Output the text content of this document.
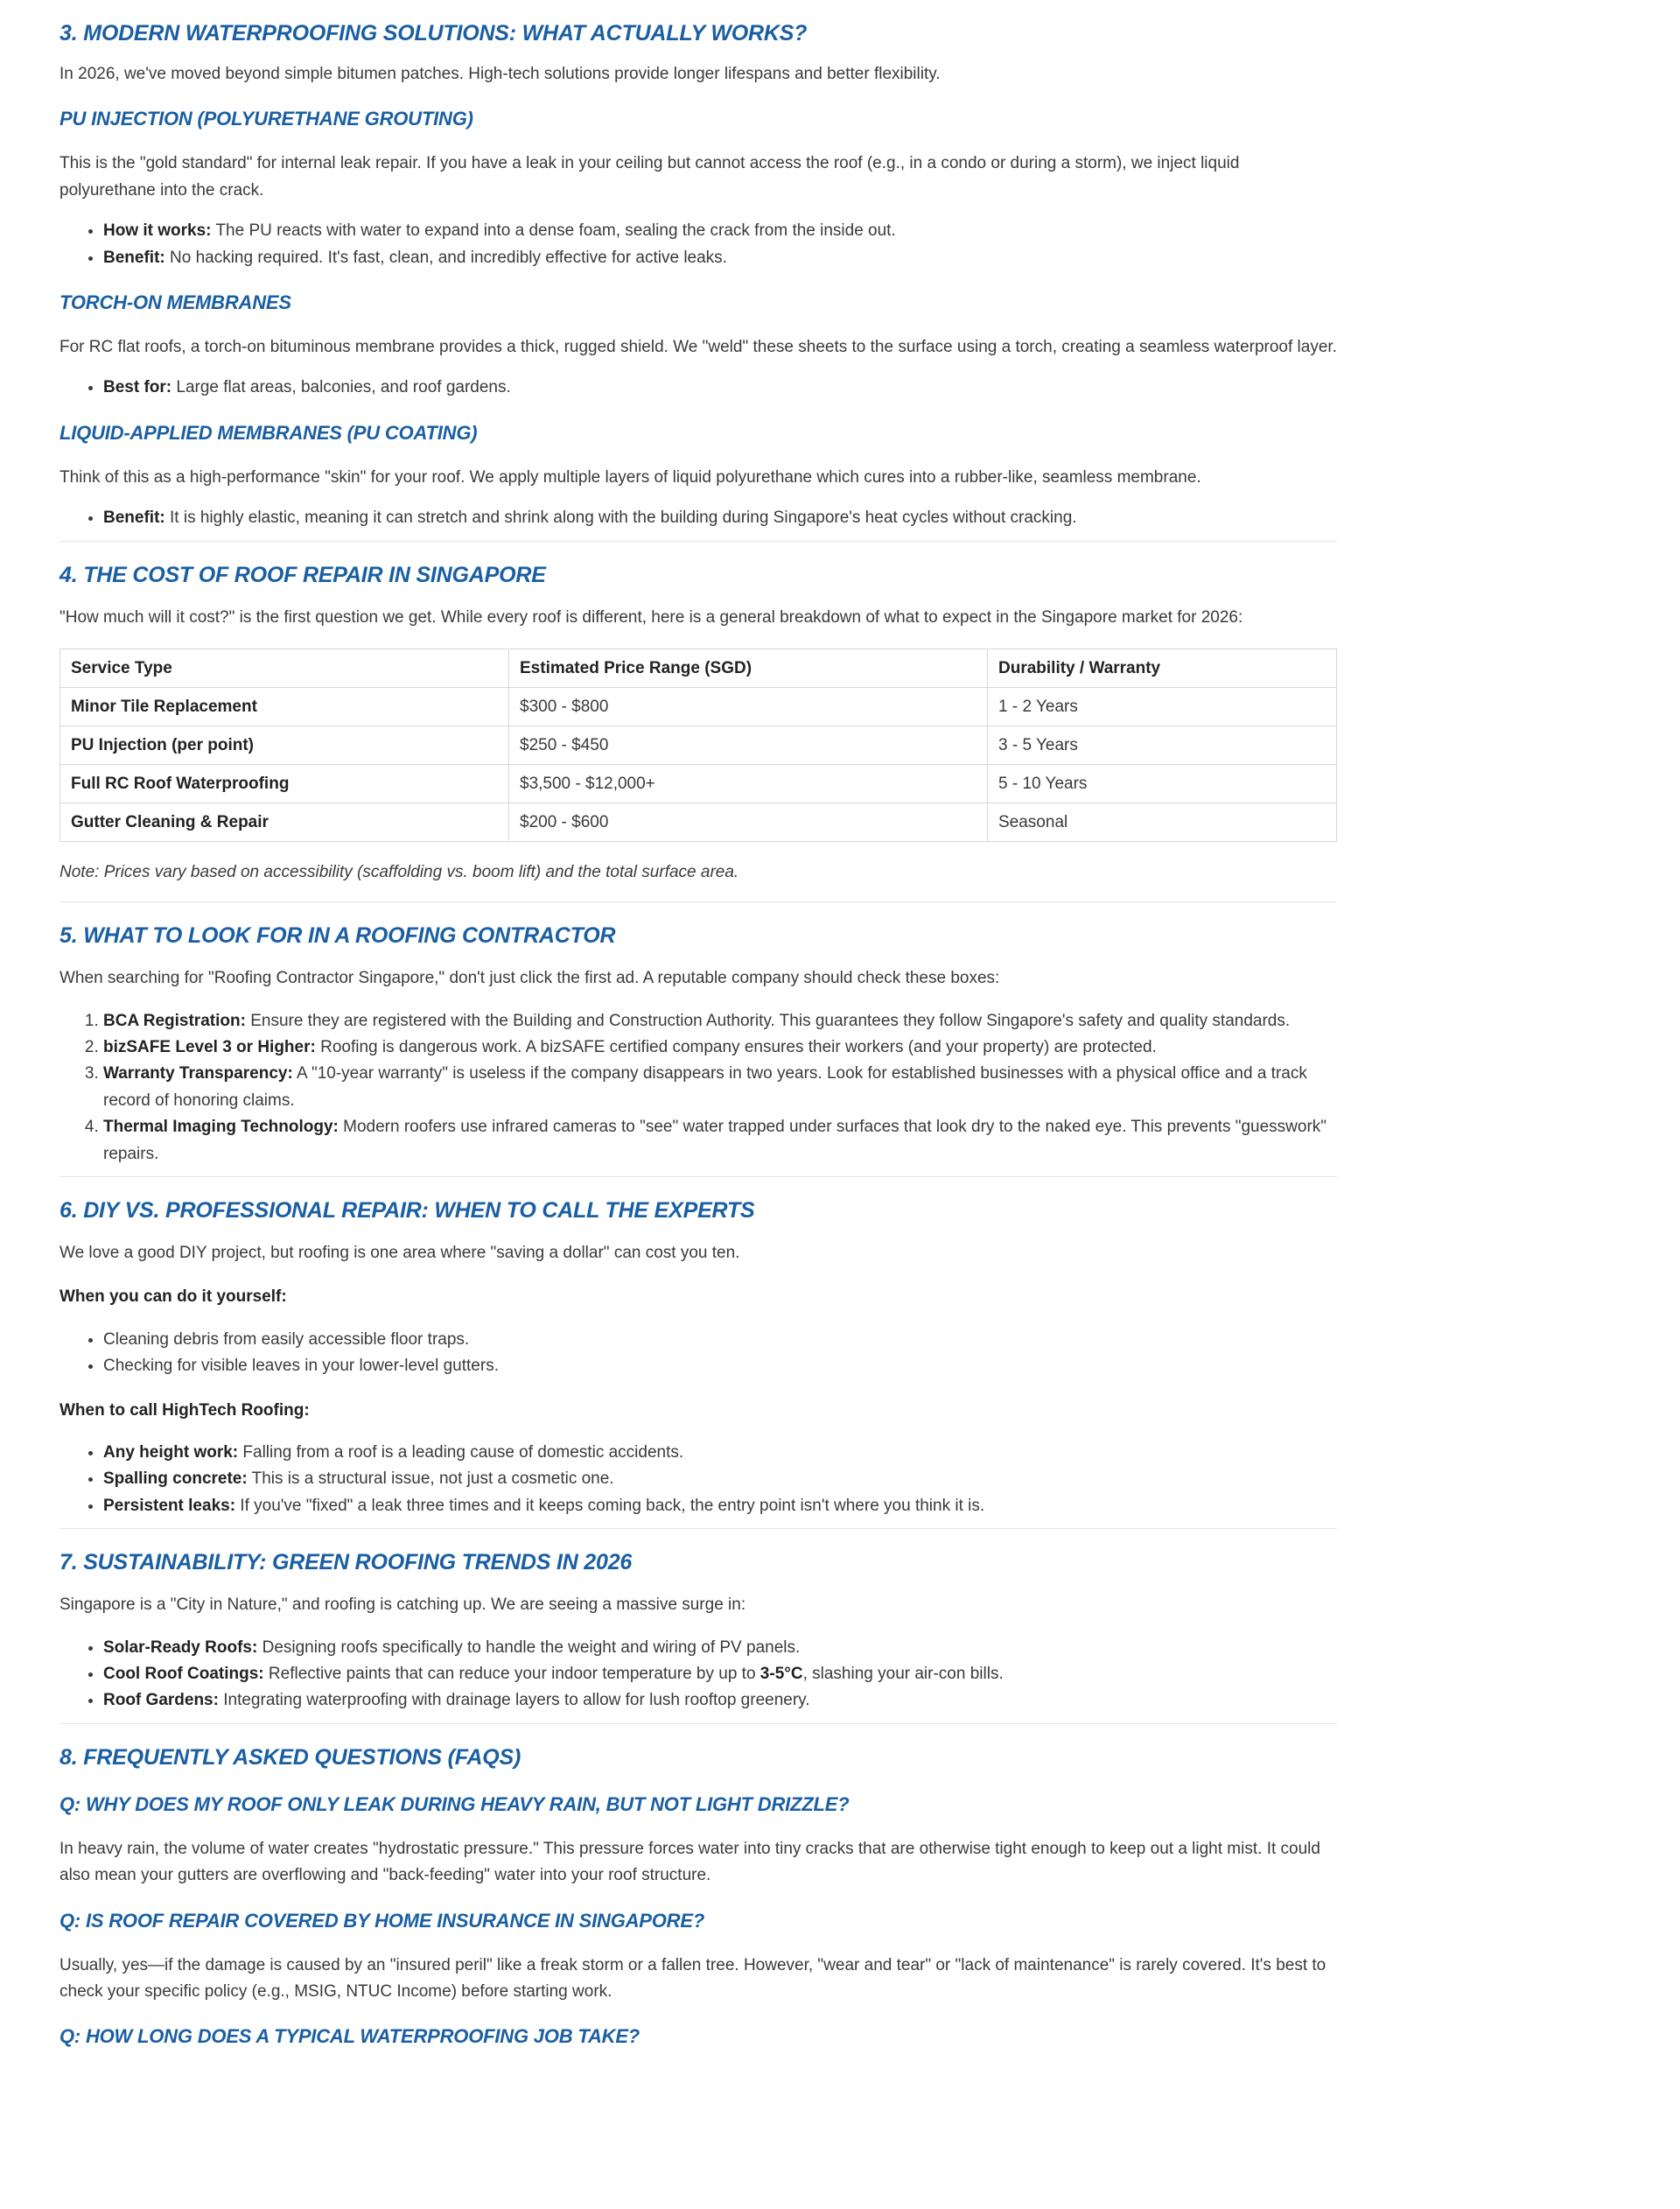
3. MODERN WATERPROOFING SOLUTIONS: WHAT ACTUALLY WORKS?

In 2026, we've moved beyond simple bitumen patches. High-tech solutions provide longer lifespans and better flexibility.

PU INJECTION (POLYURETHANE GROUTING)

This is the "gold standard" for internal leak repair. If you have a leak in your ceiling but cannot access the roof (e.g., in a condo or during a storm), we inject liquid polyurethane into the crack.

• How it works: The PU reacts with water to expand into a dense foam, sealing the crack from the inside out.
• Benefit: No hacking required. It's fast, clean, and incredibly effective for active leaks.
TORCH-ON MEMBRANES

For RC flat roofs, a torch-on bituminous membrane provides a thick, rugged shield. We "weld" these sheets to the surface using a torch, creating a seamless waterproof layer.

• Best for: Large flat areas, balconies, and roof gardens.
LIQUID-APPLIED MEMBRANES (PU COATING)

Think of this as a high-performance "skin" for your roof. We apply multiple layers of liquid polyurethane which cures into a rubber-like, seamless membrane.

• Benefit: It is highly elastic, meaning it can stretch and shrink along with the building during Singapore's heat cycles without cracking.
4. THE COST OF ROOF REPAIR IN SINGAPORE

"How much will it cost?" is the first question we get. While every roof is different, here is a general breakdown of what to expect in the Singapore market for 2026:

Service Type	Estimated Price Range (SGD)	Durability / Warranty
Minor Tile Replacement	$300 - $800	1 - 2 Years
PU Injection (per point)	$250 - $450	3 - 5 Years
Full RC Roof Waterproofing	$3,500 - $12,000+	5 - 10 Years
Gutter Cleaning & Repair	$200 - $600	Seasonal

Note: Prices vary based on accessibility (scaffolding vs. boom lift) and the total surface area.

5. WHAT TO LOOK FOR IN A ROOFING CONTRACTOR

When searching for "Roofing Contractor Singapore," don't just click the first ad. A reputable company should check these boxes:

1. BCA Registration: Ensure they are registered with the Building and Construction Authority. This guarantees they follow Singapore's safety and quality standards.
2. bizSAFE Level 3 or Higher: Roofing is dangerous work. A bizSAFE certified company ensures their workers (and your property) are protected.
3. Warranty Transparency: A "10-year warranty" is useless if the company disappears in two years. Look for established businesses with a physical office and a track record of honoring claims.
4. Thermal Imaging Technology: Modern roofers use infrared cameras to "see" water trapped under surfaces that look dry to the naked eye. This prevents "guesswork" repairs.
6. DIY VS. PROFESSIONAL REPAIR: WHEN TO CALL THE EXPERTS

We love a good DIY project, but roofing is one area where "saving a dollar" can cost you ten.

When you can do it yourself:

• Cleaning debris from easily accessible floor traps.
• Checking for visible leaves in your lower-level gutters.

When to call HighTech Roofing:

• Any height work: Falling from a roof is a leading cause of domestic accidents.
• Spalling concrete: This is a structural issue, not just a cosmetic one.
• Persistent leaks: If you've "fixed" a leak three times and it keeps coming back, the entry point isn't where you think it is.
7. SUSTAINABILITY: GREEN ROOFING TRENDS IN 2026

Singapore is a "City in Nature," and roofing is catching up. We are seeing a massive surge in:

• Solar-Ready Roofs: Designing roofs specifically to handle the weight and wiring of PV panels.
• Cool Roof Coatings: Reflective paints that can reduce your indoor temperature by up to 3-5°C, slashing your air-con bills.
• Roof Gardens: Integrating waterproofing with drainage layers to allow for lush rooftop greenery.
8. FREQUENTLY ASKED QUESTIONS (FAQS)
Q: WHY DOES MY ROOF ONLY LEAK DURING HEAVY RAIN, BUT NOT LIGHT DRIZZLE?

In heavy rain, the volume of water creates "hydrostatic pressure." This pressure forces water into tiny cracks that are otherwise tight enough to keep out a light mist. It could also mean your gutters are overflowing and "back-feeding" water into your roof structure.

Q: IS ROOF REPAIR COVERED BY HOME INSURANCE IN SINGAPORE?

Usually, yes—if the damage is caused by an "insured peril" like a freak storm or a fallen tree. However, "wear and tear" or "lack of maintenance" is rarely covered. It's best to check your specific policy (e.g., MSIG, NTUC Income) before starting work.

Q: HOW LONG DOES A TYPICAL WATERPROOFING JOB TAKE?
